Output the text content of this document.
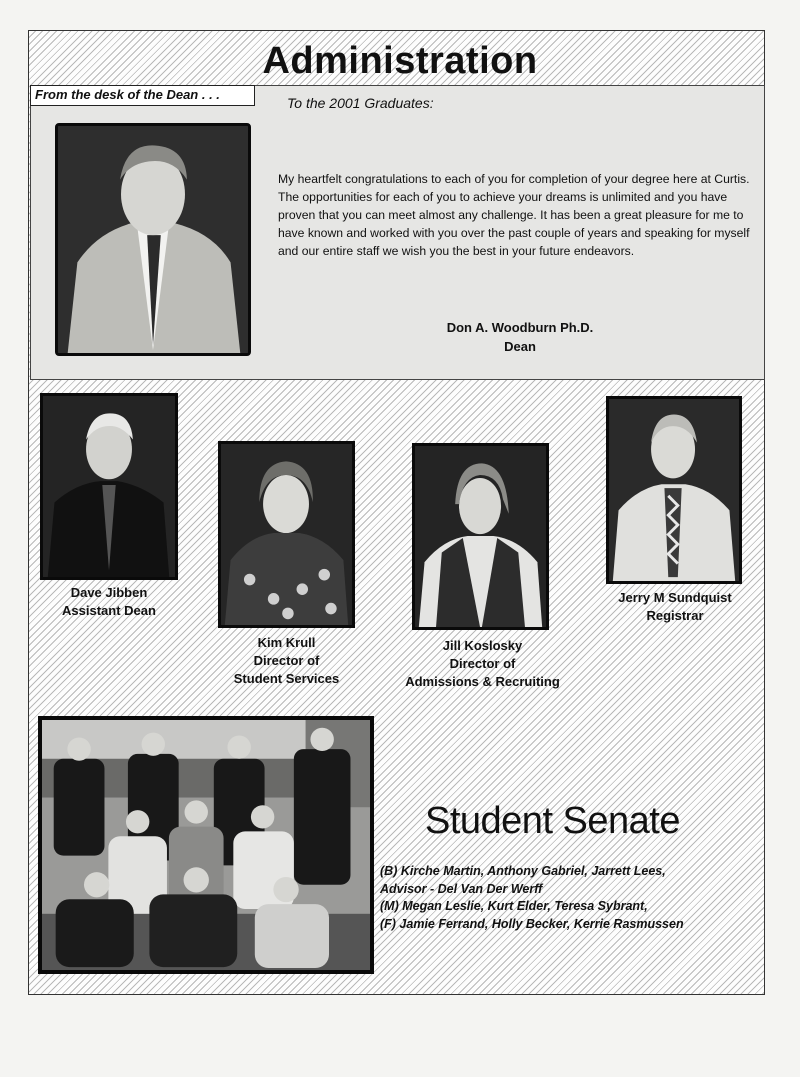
Administration
From the desk of the Dean . . .
To the 2001 Graduates:
My heartfelt congratulations to each of you for completion of your degree here at Curtis. The opportunities for each of you to achieve your dreams is unlimited and you have proven that you can meet almost any challenge. It has been a great pleasure for me to have known and worked with you over the past couple of years and speaking for myself and our entire staff we wish you the best in your future endeavors.
Don A. Woodburn Ph.D.
Dean
Dave Jibben
Assistant Dean
Kim Krull
Director of
Student Services
Jill Koslosky
Director of
Admissions & Recruiting
Jerry M Sundquist
Registrar
Student Senate
(B) Kirche Martin, Anthony Gabriel, Jarrett Lees,
Advisor - Del Van Der Werff
(M) Megan Leslie, Kurt Elder, Teresa Sybrant,
(F) Jamie Ferrand, Holly Becker, Kerrie Rasmussen
